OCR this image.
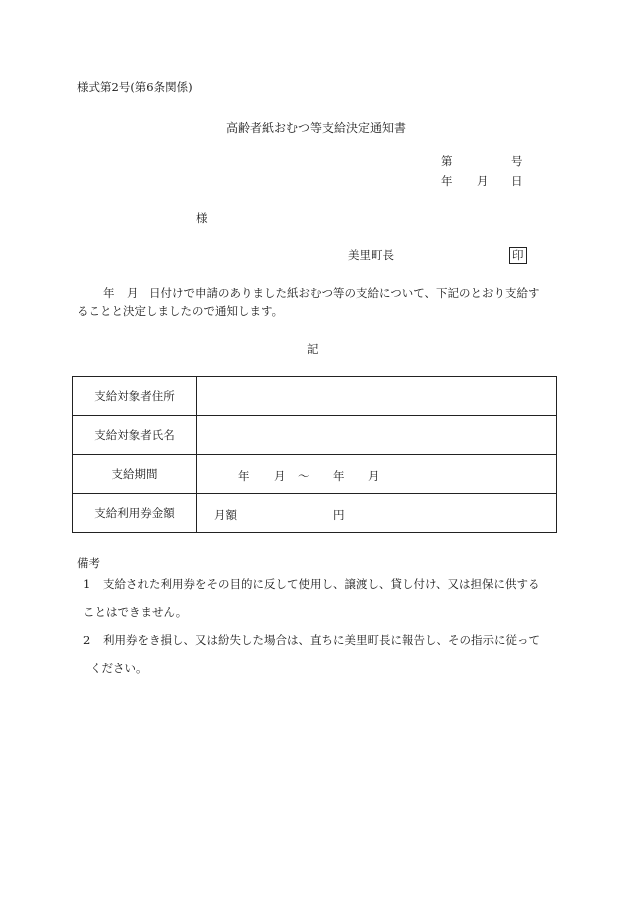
様式第2号(第6条関係)
高齢者紙おむつ等支給決定通知書
第	号
年 月 日
様
美里町長	印
年 月 日付けで申請のありました紙おむつ等の支給について、下記のとおり支給す
ることと決定しましたので通知します。
記
支給対象者住所	
支給対象者氏名	
支給期間	年 月 ～ 年 月

支給利用券金額	月額 円
備考
1 支給された利用券をその目的に反して使用し、譲渡し、貸し付け、又は担保に供する
ことはできません。
2 利用券をき損し、又は紛失した場合は、直ちに美里町長に報告し、その指示に従って
ください。
